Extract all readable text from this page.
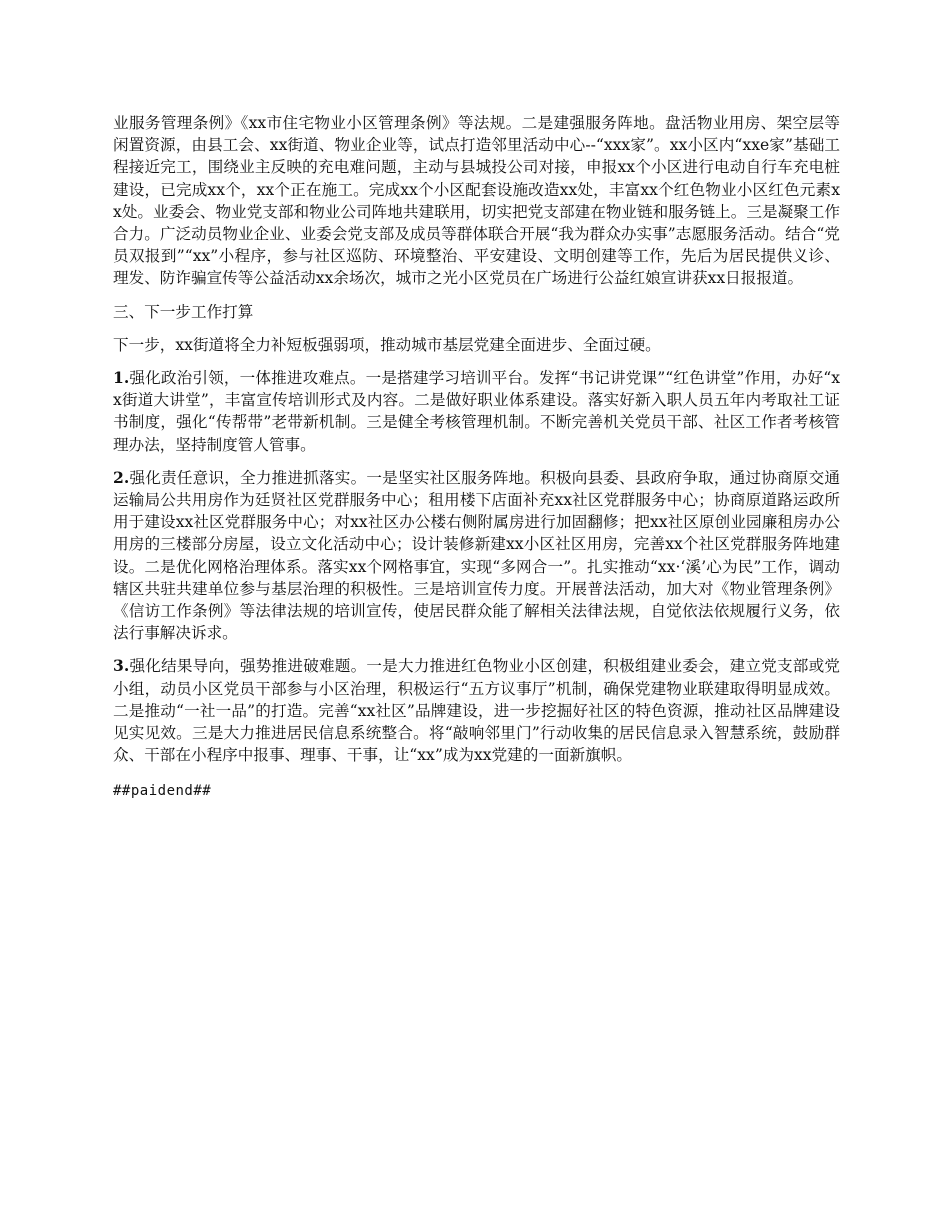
业服务管理条例》《xx市住宅物业小区管理条例》等法规。二是建强服务阵地。盘活物业用房、架空层等闲置资源，由县工会、xx街道、物业企业等，试点打造邻里活动中心--“xxx家”。xx小区内“xxe家”基础工程接近完工，围绕业主反映的充电难问题，主动与县城投公司对接，申报xx个小区进行电动自行车充电桩建设，已完成xx个，xx个正在施工。完成xx个小区配套设施改造xx处，丰富xx个红色物业小区红色元素xx处。业委会、物业党支部和物业公司阵地共建联用，切实把党支部建在物业链和服务链上。三是凝聚工作合力。广泛动员物业企业、业委会党支部及成员等群体联合开展“我为群众办实事”志愿服务活动。结合“党员双报到”“xx”小程序，参与社区巡防、环境整治、平安建设、文明创建等工作，先后为居民提供义诊、理发、防诈骗宣传等公益活动xx余场次，城市之光小区党员在广场进行公益红娘宣讲获xx日报报道。

三、下一步工作打算

下一步，xx街道将全力补短板强弱项，推动城市基层党建全面进步、全面过硬。

1.强化政治引领，一体推进攻难点。一是搭建学习培训平台。发挥“书记讲党课”“红色讲堂”作用，办好“xx街道大讲堂”，丰富宣传培训形式及内容。二是做好职业体系建设。落实好新入职人员五年内考取社工证书制度，强化“传帮带”老带新机制。三是健全考核管理机制。不断完善机关党员干部、社区工作者考核管理办法，坚持制度管人管事。

2.强化责任意识，全力推进抓落实。一是坚实社区服务阵地。积极向县委、县政府争取，通过协商原交通运输局公共用房作为廷贤社区党群服务中心；租用楼下店面补充xx社区党群服务中心；协商原道路运政所用于建设xx社区党群服务中心；对xx社区办公楼右侧附属房进行加固翻修；把xx社区原创业园廉租房办公用房的三楼部分房屋，设立文化活动中心；设计装修新建xx小区社区用房，完善xx个社区党群服务阵地建设。二是优化网格治理体系。落实xx个网格事宜，实现“多网合一”。扎实推动“xx·‘溪’心为民”工作，调动辖区共驻共建单位参与基层治理的积极性。三是培训宣传力度。开展普法活动，加大对《物业管理条例》《信访工作条例》等法律法规的培训宣传，使居民群众能了解相关法律法规，自觉依法依规履行义务，依法行事解决诉求。

3.强化结果导向，强势推进破难题。一是大力推进红色物业小区创建，积极组建业委会，建立党支部或党小组，动员小区党员干部参与小区治理，积极运行“五方议事厅”机制，确保党建物业联建取得明显成效。二是推动“一社一品”的打造。完善“xx社区”品牌建设，进一步挖掘好社区的特色资源，推动社区品牌建设见实见效。三是大力推进居民信息系统整合。将“敲响邻里门”行动收集的居民信息录入智慧系统，鼓励群众、干部在小程序中报事、理事、干事，让“xx”成为xx党建的一面新旗帜。

##paidend##
